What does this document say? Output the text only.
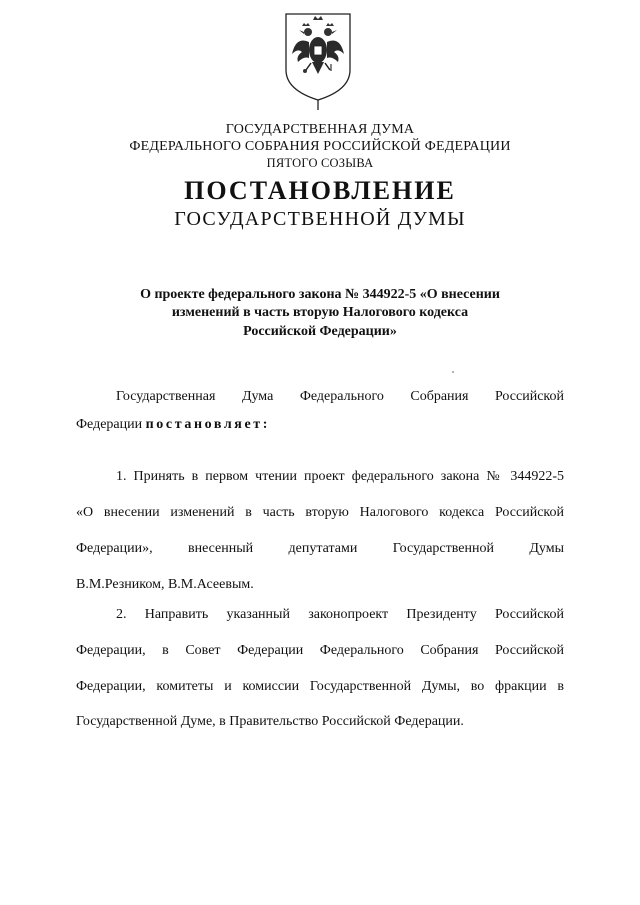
ГОСУДАРСТВЕННАЯ ДУМА
ФЕДЕРАЛЬНОГО СОБРАНИЯ РОССИЙСКОЙ ФЕДЕРАЦИИ
ПЯТОГО СОЗЫВА
ПОСТАНОВЛЕНИЕ
ГОСУДАРСТВЕННОЙ ДУМЫ
О проекте федерального закона № 344922-5 «О внесении
изменений в часть вторую Налогового кодекса
Российской Федерации»
Государственная Дума Федерального Собрания Российской
Федерации постановляет:
1. Принять в первом чтении проект федерального закона № 344922-5
«О внесении изменений в часть вторую Налогового кодекса Российской
Федерации», внесенный депутатами Государственной Думы
В.М.Резником, В.М.Асеевым.
2. Направить указанный законопроект Президенту Российской
Федерации, в Совет Федерации Федерального Собрания Российской
Федерации, комитеты и комиссии Государственной Думы, во фракции в
Государственной Думе, в Правительство Российской Федерации.
